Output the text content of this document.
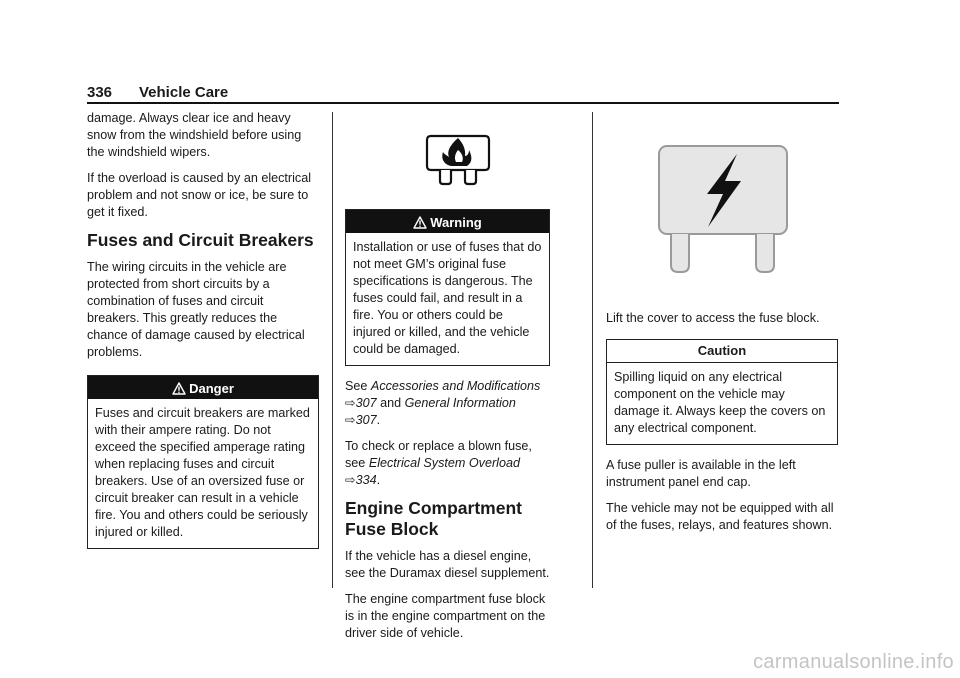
336 Vehicle Care

damage. Always clear ice and heavy snow from the windshield before using the windshield wipers.

If the overload is caused by an electrical problem and not snow or ice, be sure to get it fixed.

Fuses and Circuit Breakers

The wiring circuits in the vehicle are protected from short circuits by a combination of fuses and circuit breakers. This greatly reduces the chance of damage caused by electrical problems.

Danger
Fuses and circuit breakers are marked with their ampere rating. Do not exceed the specified amperage rating when replacing fuses and circuit breakers. Use of an oversized fuse or circuit breaker can result in a vehicle fire. You and others could be seriously injured or killed.
Warning
Installation or use of fuses that do not meet GM’s original fuse specifications is dangerous. The fuses could fail, and result in a fire. You or others could be injured or killed, and the vehicle could be damaged.

See Accessories and Modifications ⇨307 and General Information ⇨307.

To check or replace a blown fuse, see Electrical System Overload ⇨334.

Engine Compartment Fuse Block

If the vehicle has a diesel engine, see the Duramax diesel supplement.

The engine compartment fuse block is in the engine compartment on the driver side of vehicle.

Lift the cover to access the fuse block.

Caution
Spilling liquid on any electrical component on the vehicle may damage it. Always keep the covers on any electrical component.

A fuse puller is available in the left instrument panel end cap.

The vehicle may not be equipped with all of the fuses, relays, and features shown.

carmanualsonline.info
